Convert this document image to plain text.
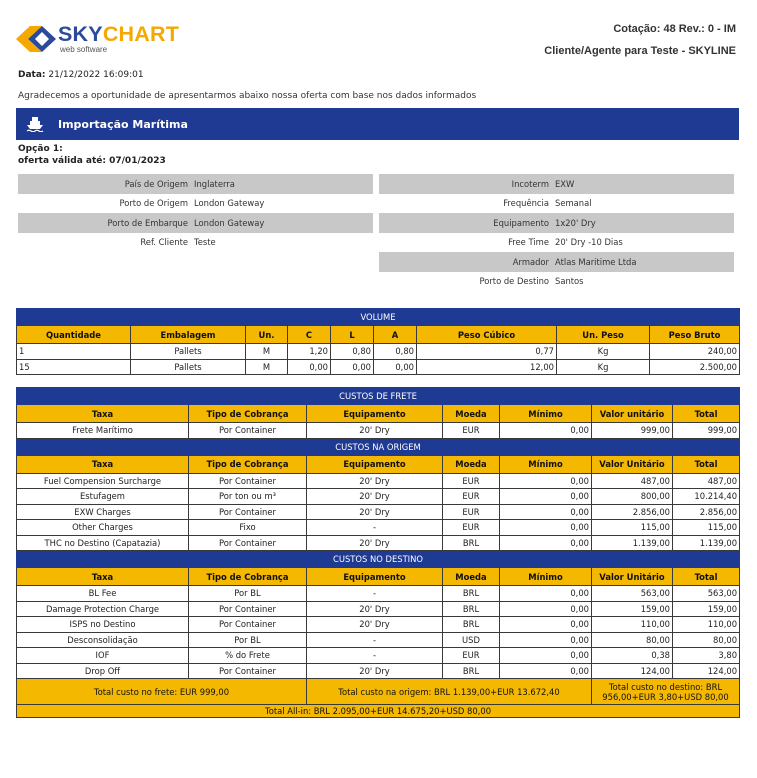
SKYCHART
web software
Cotação: 48 Rev.: 0 - IM
Cliente/Agente para Teste - SKYLINE
Data: 21/12/2022 16:09:01
Agradecemos a oportunidade de apresentarmos abaixo nossa oferta com base nos dados informados
Importação Marítima
Opção 1:
oferta válida até: 07/01/2023
País de Origem Inglaterra
Porto de Origem London Gateway
Porto de Embarque London Gateway
Ref. Cliente Teste
Incoterm EXW
Frequência Semanal
Equipamento 1x20' Dry
Free Time 20' Dry -10 Dias
Armador Atlas Maritime Ltda
Porto de Destino Santos
VOLUME								
Quantidade	Embalagem	Un.	C	L	A	Peso Cúbico	Un. Peso	Peso Bruto
1	Pallets	M	1,20	0,80	0,80	0,77	Kg	240,00
15	Pallets	M	0,00	0,00	0,00	12,00	Kg	2.500,00
CUSTOS DE FRETE						
Taxa	Tipo de Cobrança	Equipamento	Moeda	Mínimo	Valor unitário	Total
Frete Marítimo	Por Container	20' Dry	EUR	0,00	999,00	999,00
CUSTOS NA ORIGEM						
Taxa	Tipo de Cobrança	Equipamento	Moeda	Mínimo	Valor Unitário	Total
Fuel Compension Surcharge	Por Container	20' Dry	EUR	0,00	487,00	487,00
Estufagem	Por ton ou m³	20' Dry	EUR	0,00	800,00	10.214,40
EXW Charges	Por Container	20' Dry	EUR	0,00	2.856,00	2.856,00
Other Charges	Fixo	-	EUR	0,00	115,00	115,00
THC no Destino (Capatazia)	Por Container	20' Dry	BRL	0,00	1.139,00	1.139,00
CUSTOS NO DESTINO						
Taxa	Tipo de Cobrança	Equipamento	Moeda	Mínimo	Valor Unitário	Total
BL Fee	Por BL	-	BRL	0,00	563,00	563,00
Damage Protection Charge	Por Container	20' Dry	BRL	0,00	159,00	159,00
ISPS no Destino	Por Container	20' Dry	BRL	0,00	110,00	110,00
Desconsolidação	Por BL	-	USD	0,00	80,00	80,00
IOF	% do Frete	-	EUR	0,00	0,38	3,80
Drop Off	Por Container	20' Dry	BRL	0,00	124,00	124,00
Total custo no frete: EUR 999,00		Total custo na origem: BRL 1.139,00+EUR 13.672,40			Total custo no destino: BRL 956,00+EUR 3,80+USD 80,00	
Total All-in: BRL 2.095,00+EUR 14.675,20+USD 80,00						
